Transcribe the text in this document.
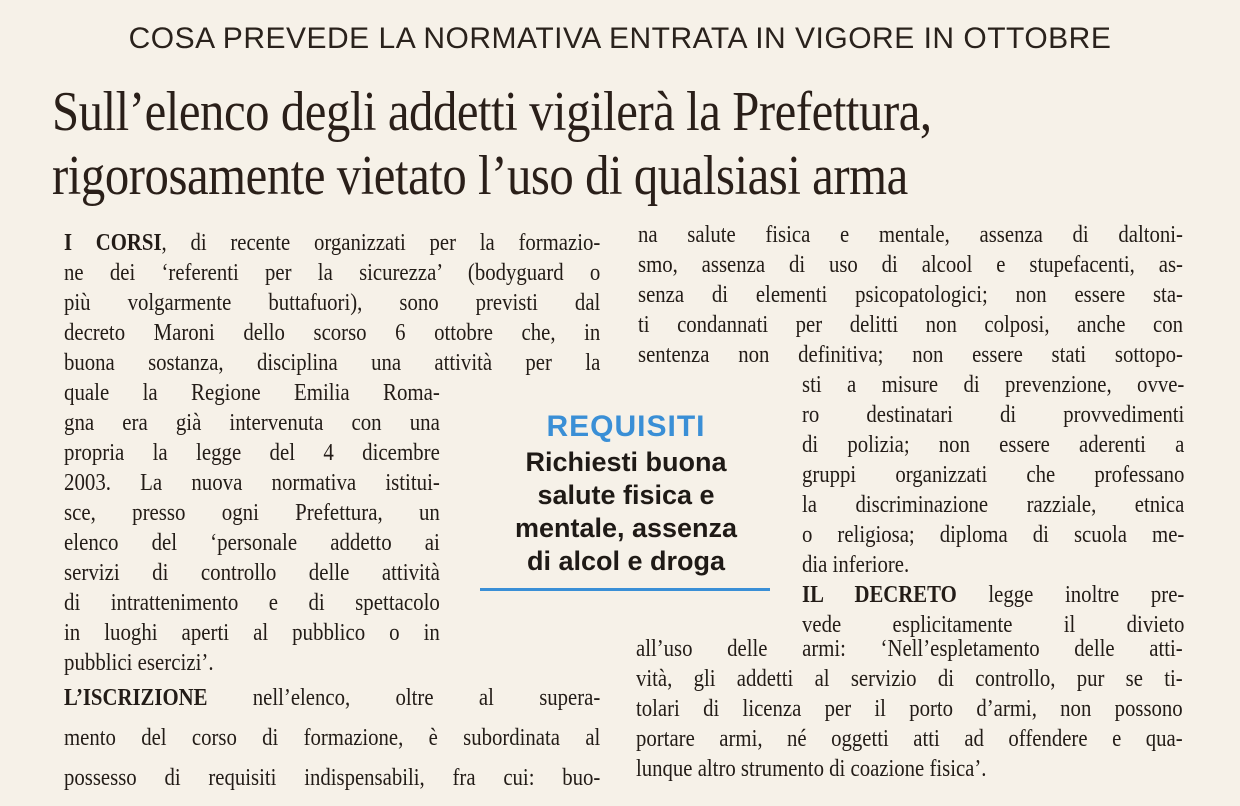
COSA PREVEDE LA NORMATIVA ENTRATA IN VIGORE IN OTTOBRE
Sull’elenco degli addetti vigilerà la Prefettura,
rigorosamente vietato l’uso di qualsiasi arma

I CORSI, di recente organizzati per la formazio-

ne dei ‘referenti per la sicurezza’ (bodyguard o

più volgarmente buttafuori), sono previsti dal

decreto Maroni dello scorso 6 ottobre che, in

buona sostanza, disciplina una attività per la

quale la Regione Emilia Roma-

gna era già intervenuta con una

propria la legge del 4 dicembre

2003. La nuova normativa istitui-

sce, presso ogni Prefettura, un

elenco del ‘personale addetto ai

servizi di controllo delle attività

di intrattenimento e di spettacolo

in luoghi aperti al pubblico o in

pubblici esercizi’.

L’ISCRIZIONE nell’elenco, oltre al supera-

mento del corso di formazione, è subordinata al

possesso di requisiti indispensabili, fra cui: buo-

na salute fisica e mentale, assenza di daltoni-

smo, assenza di uso di alcool e stupefacenti, as-

senza di elementi psicopatologici; non essere sta-

ti condannati per delitti non colposi, anche con

sentenza non definitiva; non essere stati sottopo-

sti a misure di prevenzione, ovve-

ro destinatari di provvedimenti

di polizia; non essere aderenti a

gruppi organizzati che professano

la discriminazione razziale, etnica

o religiosa; diploma di scuola me-

dia inferiore.

IL DECRETO legge inoltre pre-

vede esplicitamente il divieto

all’uso delle armi: ‘Nell’espletamento delle atti-

vità, gli addetti al servizio di controllo, pur se ti-

tolari di licenza per il porto d’armi, non possono

portare armi, né oggetti atti ad offendere e qua-

lunque altro strumento di coazione fisica’.

REQUISITI
Richiesti buona
salute fisica e
mentale, assenza
di alcol e droga
